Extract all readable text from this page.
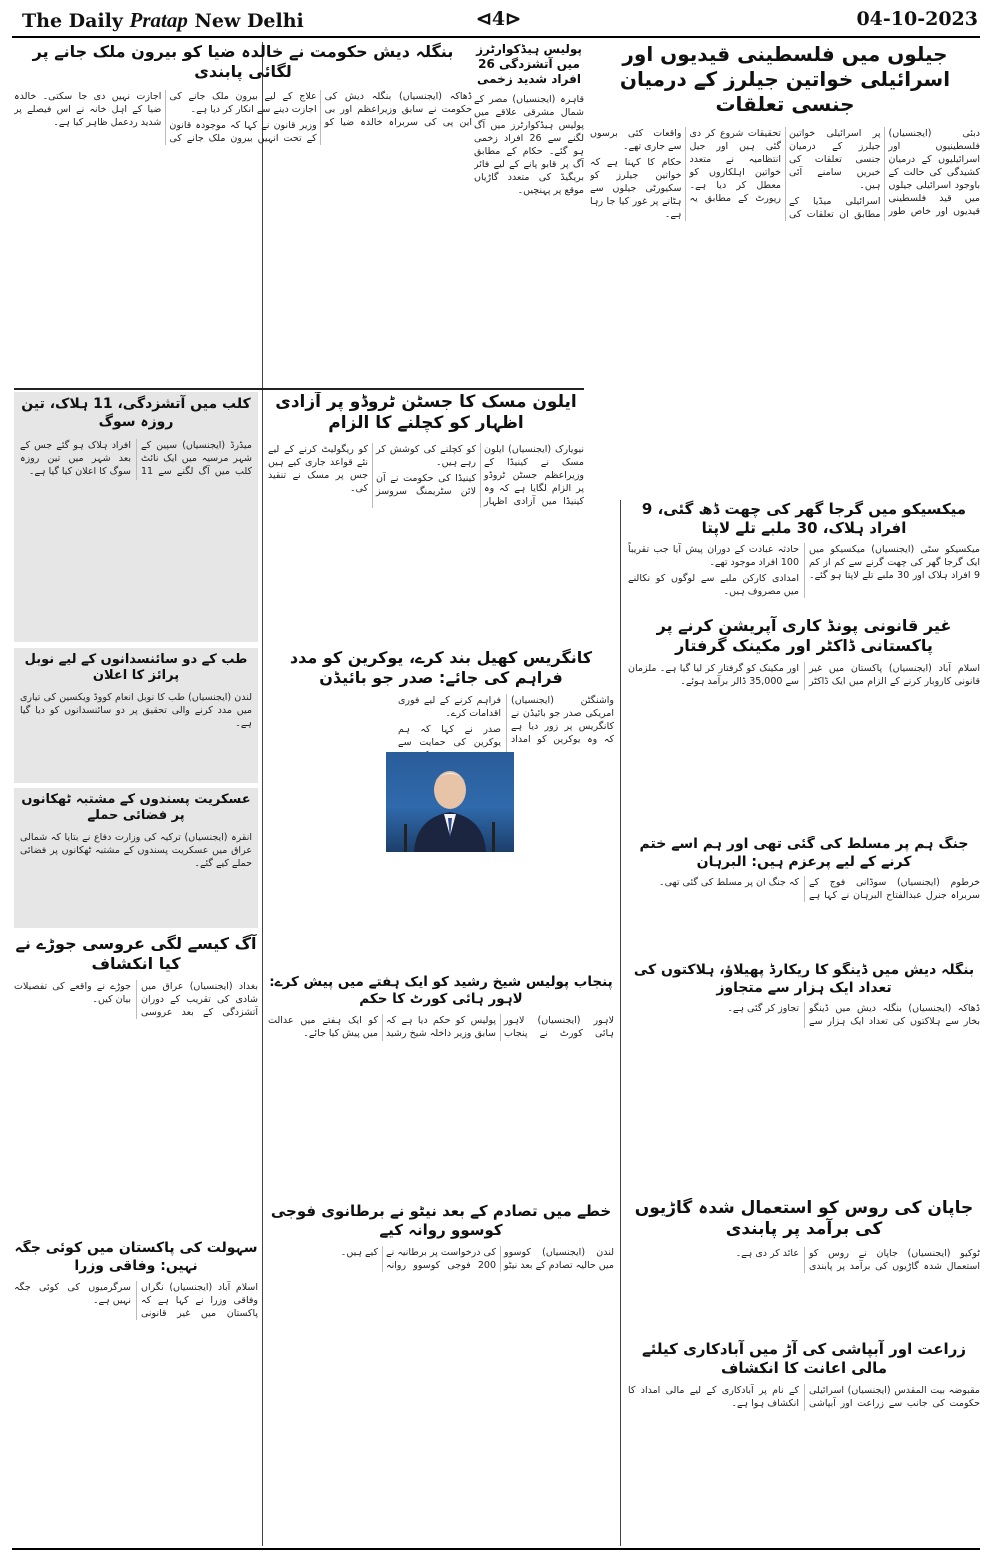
The Daily Pratap New Delhi	⊲4⊳	04-10-2023
بنگلہ دیش حکومت نے خالدہ ضیا کو بیرون ملک جانے پر لگائی پابندی

ڈھاکہ (ایجنسیاں) بنگلہ دیش کی حکومت نے سابق وزیراعظم اور بی این پی کی سربراہ خالدہ ضیا کو علاج کے لیے بیرون ملک جانے کی اجازت دینے سے انکار کر دیا ہے۔

وزیر قانون نے کہا کہ موجودہ قانون کے تحت انہیں بیرون ملک جانے کی اجازت نہیں دی جا سکتی۔ خالدہ ضیا کے اہل خانہ نے اس فیصلے پر شدید ردعمل ظاہر کیا ہے۔

پولیس ہیڈکوارٹرز میں آتشزدگی 26 افراد شدید زخمی

قاہرہ (ایجنسیاں) مصر کے شمال مشرقی علاقے میں پولیس ہیڈکوارٹرز میں آگ لگنے سے 26 افراد زخمی ہو گئے۔ حکام کے مطابق آگ پر قابو پانے کے لیے فائر بریگیڈ کی متعدد گاڑیاں موقع پر پہنچیں۔

جیلوں میں فلسطینی قیدیوں اور اسرائیلی خواتین جیلرز کے درمیان جنسی تعلقات

دبئی (ایجنسیاں) فلسطینیوں اور اسرائیلیوں کے درمیان کشیدگی کی حالت کے باوجود اسرائیلی جیلوں میں قید فلسطینی قیدیوں اور خاص طور پر اسرائیلی خواتین جیلرز کے درمیان جنسی تعلقات کی خبریں سامنے آئی ہیں۔

اسرائیلی میڈیا کے مطابق ان تعلقات کی تحقیقات شروع کر دی گئی ہیں اور جیل انتظامیہ نے متعدد خواتین اہلکاروں کو معطل کر دیا ہے۔ رپورٹ کے مطابق یہ واقعات کئی برسوں سے جاری تھے۔

حکام کا کہنا ہے کہ خواتین جیلرز کو سکیورٹی جیلوں سے ہٹانے پر غور کیا جا رہا ہے۔

ایلون مسک کا جسٹن ٹروڈو پر آزادی اظہار کو کچلنے کا الزام

نیویارک (ایجنسیاں) ایلون مسک نے کینیڈا کے وزیراعظم جسٹن ٹروڈو پر الزام لگایا ہے کہ وہ کینیڈا میں آزادی اظہار کو کچلنے کی کوشش کر رہے ہیں۔

کینیڈا کی حکومت نے آن لائن سٹریمنگ سروسز کو ریگولیٹ کرنے کے لیے نئے قواعد جاری کیے ہیں جس پر مسک نے تنقید کی۔

کلب میں آتشزدگی، 11 ہلاک، تین روزہ سوگ

میڈرڈ (ایجنسیاں) سپین کے شہر مرسیہ میں ایک نائٹ کلب میں آگ لگنے سے 11 افراد ہلاک ہو گئے جس کے بعد شہر میں تین روزہ سوگ کا اعلان کیا گیا ہے۔

میکسیکو میں گرجا گھر کی چھت ڈھ گئی، 9 افراد ہلاک، 30 ملبے تلے لاپتا

میکسیکو سٹی (ایجنسیاں) میکسیکو میں ایک گرجا گھر کی چھت گرنے سے کم از کم 9 افراد ہلاک اور 30 ملبے تلے لاپتا ہو گئے۔ حادثہ عبادت کے دوران پیش آیا جب تقریباً 100 افراد موجود تھے۔

امدادی کارکن ملبے سے لوگوں کو نکالنے میں مصروف ہیں۔

غیر قانونی پونڈ کاری آپریشن کرنے پر پاکستانی ڈاکٹر اور مکینک گرفتار

اسلام آباد (ایجنسیاں) پاکستان میں غیر قانونی کاروبار کرنے کے الزام میں ایک ڈاکٹر اور مکینک کو گرفتار کر لیا گیا ہے۔ ملزمان سے 35,000 ڈالر برآمد ہوئے۔

طب کے دو سائنسدانوں کے لیے نوبل پرائز کا اعلان

لندن (ایجنسیاں) طب کا نوبل انعام کووڈ ویکسین کی تیاری میں مدد کرنے والی تحقیق پر دو سائنسدانوں کو دیا گیا ہے۔

کانگریس کھیل بند کرے، یوکرین کو مدد فراہم کی جائے: صدر جو بائیڈن

واشنگٹن (ایجنسیاں) امریکی صدر جو بائیڈن نے کانگریس پر زور دیا ہے کہ وہ یوکرین کو امداد فراہم کرنے کے لیے فوری اقدامات کرے۔

صدر نے کہا کہ ہم یوکرین کی حمایت سے

عسکریت پسندوں کے مشتبہ ٹھکانوں پر فضائی حملے

انقرہ (ایجنسیاں) ترکیہ کی وزارت دفاع نے بتایا کہ شمالی عراق میں عسکریت پسندوں کے مشتبہ ٹھکانوں پر فضائی حملے کیے گئے۔

جنگ ہم پر مسلط کی گئی تھی اور ہم اسے ختم کرنے کے لیے پرعزم ہیں: البرہان

خرطوم (ایجنسیاں) سوڈانی فوج کے سربراہ جنرل عبدالفتاح البرہان نے کہا ہے کہ جنگ ان پر مسلط کی گئی تھی۔

بنگلہ دیش میں ڈینگو کا ریکارڈ پھیلاؤ، ہلاکتوں کی تعداد ایک ہزار سے متجاوز

ڈھاکہ (ایجنسیاں) بنگلہ دیش میں ڈینگو بخار سے ہلاکتوں کی تعداد ایک ہزار سے تجاوز کر گئی ہے۔

پنجاب پولیس شیخ رشید کو ایک ہفتے میں پیش کرے: لاہور ہائی کورٹ کا حکم

لاہور (ایجنسیاں) لاہور ہائی کورٹ نے پنجاب پولیس کو حکم دیا ہے کہ سابق وزیر داخلہ شیخ رشید کو ایک ہفتے میں عدالت میں پیش کیا جائے۔

آگ کیسے لگی عروسی جوڑے نے کیا انکشاف

بغداد (ایجنسیاں) عراق میں شادی کی تقریب کے دوران آتشزدگی کے بعد عروسی جوڑے نے واقعے کی تفصیلات بیان کیں۔

جاپان کی روس کو استعمال شدہ گاڑیوں کی برآمد پر پابندی

ٹوکیو (ایجنسیاں) جاپان نے روس کو استعمال شدہ گاڑیوں کی برآمد پر پابندی عائد کر دی ہے۔

خطے میں تصادم کے بعد نیٹو نے برطانوی فوجی کوسوو روانہ کیے

لندن (ایجنسیاں) کوسوو میں حالیہ تصادم کے بعد نیٹو کی درخواست پر برطانیہ نے 200 فوجی کوسوو روانہ کیے ہیں۔

سہولت کی پاکستان میں کوئی جگہ نہیں: وفاقی وزرا

اسلام آباد (ایجنسیاں) نگراں وفاقی وزرا نے کہا ہے کہ پاکستان میں غیر قانونی سرگرمیوں کی کوئی جگہ نہیں ہے۔

زراعت اور آبپاشی کی آڑ میں آبادکاری کیلئے مالی اعانت کا انکشاف

مقبوضہ بیت المقدس (ایجنسیاں) اسرائیلی حکومت کی جانب سے زراعت اور آبپاشی کے نام پر آبادکاری کے لیے مالی امداد کا انکشاف ہوا ہے۔
